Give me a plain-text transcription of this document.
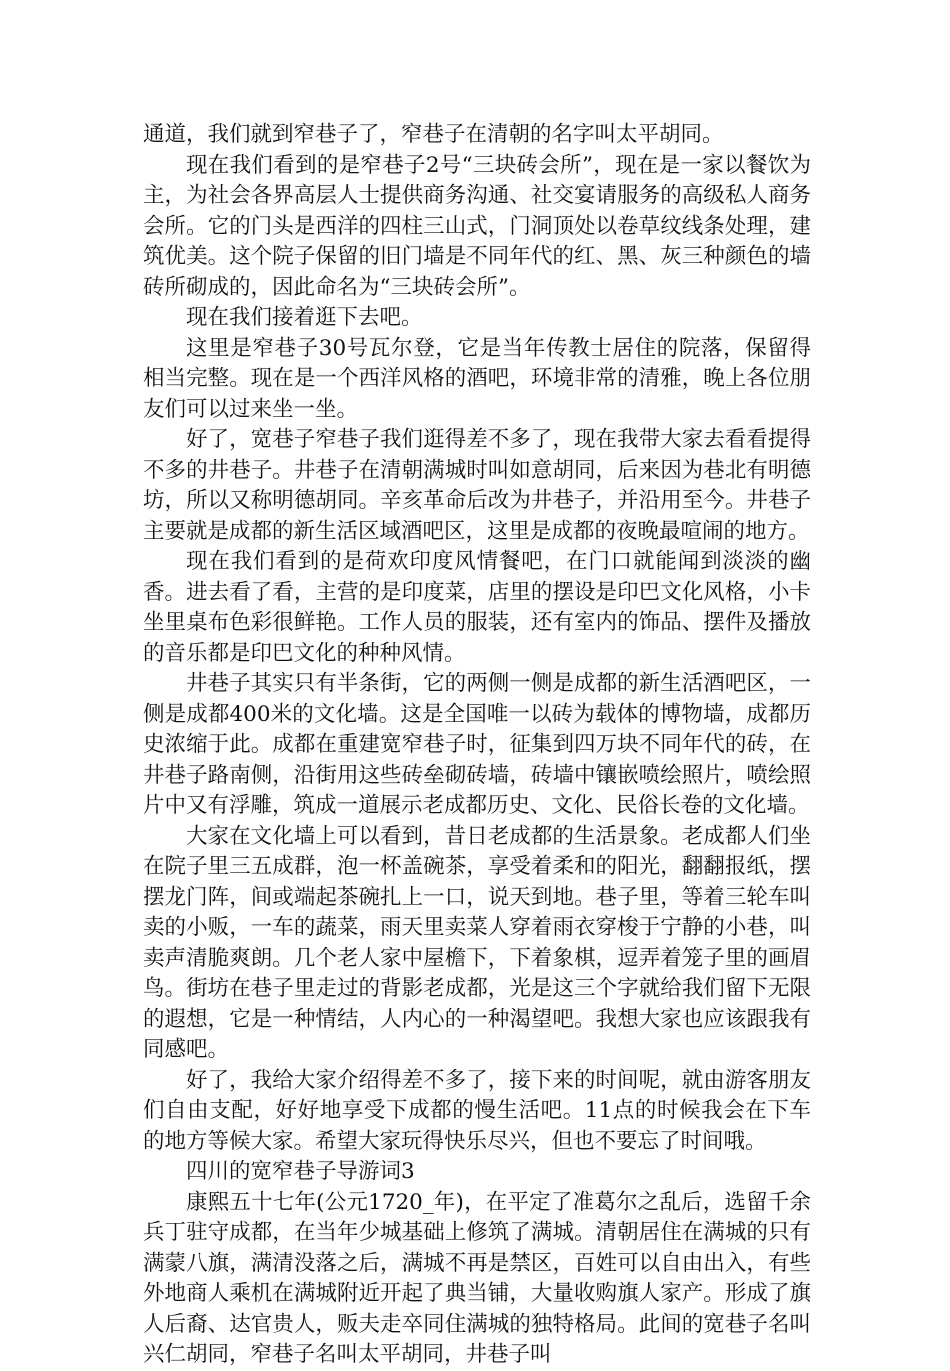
通道，我们就到窄巷子了，窄巷子在清朝的名字叫太平胡同。

现在我们看到的是窄巷子2号“三块砖会所”，现在是一家以餐饮为主，为社会各界高层人士提供商务沟通、社交宴请服务的高级私人商务会所。它的门头是西洋的四柱三山式，门洞顶处以卷草纹线条处理，建筑优美。这个院子保留的旧门墙是不同年代的红、黑、灰三种颜色的墙砖所砌成的，因此命名为“三块砖会所”。

现在我们接着逛下去吧。

这里是窄巷子30号瓦尔登，它是当年传教士居住的院落，保留得相当完整。现在是一个西洋风格的酒吧，环境非常的清雅，晚上各位朋友们可以过来坐一坐。

好了，宽巷子窄巷子我们逛得差不多了，现在我带大家去看看提得不多的井巷子。井巷子在清朝满城时叫如意胡同，后来因为巷北有明德坊，所以又称明德胡同。辛亥革命后改为井巷子，并沿用至今。井巷子主要就是成都的新生活区域酒吧区，这里是成都的夜晚最喧闹的地方。

现在我们看到的是荷欢印度风情餐吧，在门口就能闻到淡淡的幽香。进去看了看，主营的是印度菜，店里的摆设是印巴文化风格，小卡坐里桌布色彩很鲜艳。工作人员的服装，还有室内的饰品、摆件及播放的音乐都是印巴文化的种种风情。

井巷子其实只有半条街，它的两侧一侧是成都的新生活酒吧区，一侧是成都400米的文化墙。这是全国唯一以砖为载体的博物墙，成都历史浓缩于此。成都在重建宽窄巷子时，征集到四万块不同年代的砖，在井巷子路南侧，沿街用这些砖垒砌砖墙，砖墙中镶嵌喷绘照片，喷绘照片中又有浮雕，筑成一道展示老成都历史、文化、民俗长卷的文化墙。

大家在文化墙上可以看到，昔日老成都的生活景象。老成都人们坐在院子里三五成群，泡一杯盖碗茶，享受着柔和的阳光，翻翻报纸，摆摆龙门阵，间或端起茶碗扎上一口，说天到地。巷子里，等着三轮车叫卖的小贩，一车的蔬菜，雨天里卖菜人穿着雨衣穿梭于宁静的小巷，叫卖声清脆爽朗。几个老人家中屋檐下，下着象棋，逗弄着笼子里的画眉鸟。街坊在巷子里走过的背影老成都，光是这三个字就给我们留下无限的遐想，它是一种情结，人内心的一种渴望吧。我想大家也应该跟我有同感吧。

好了，我给大家介绍得差不多了，接下来的时间呢，就由游客朋友们自由支配，好好地享受下成都的慢生活吧。11点的时候我会在下车的地方等候大家。希望大家玩得快乐尽兴，但也不要忘了时间哦。

四川的宽窄巷子导游词3

康熙五十七年(公元1720_年)，在平定了准葛尔之乱后，选留千余兵丁驻守成都，在当年少城基础上修筑了满城。清朝居住在满城的只有满蒙八旗，满清没落之后，满城不再是禁区，百姓可以自由出入，有些外地商人乘机在满城附近开起了典当铺，大量收购旗人家产。形成了旗人后裔、达官贵人，贩夫走卒同住满城的独特格局。此间的宽巷子名叫兴仁胡同，窄巷子名叫太平胡同，井巷子叫
